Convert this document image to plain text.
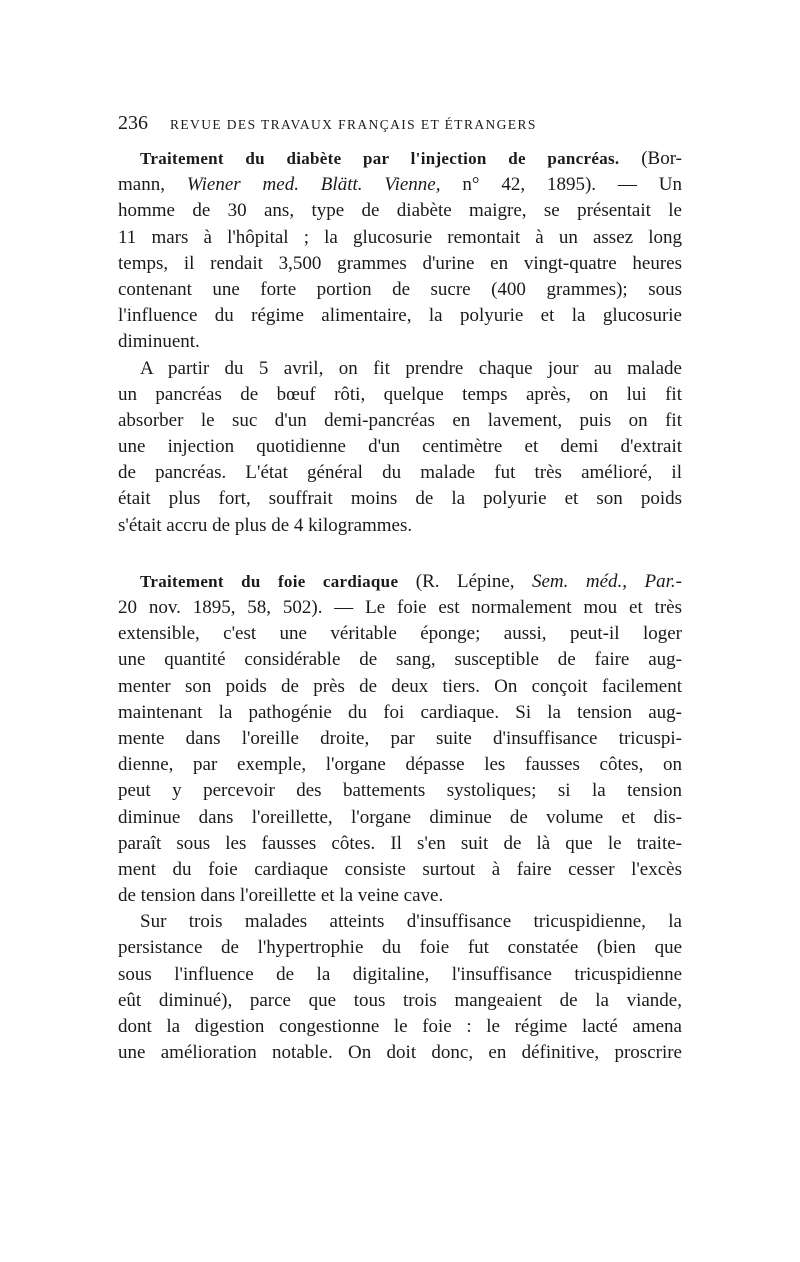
236 REVUE DES TRAVAUX FRANÇAIS ET ÉTRANGERS
Traitement du diabète par l'injection de pancréas. (Bor-
mann, Wiener med. Blätt. Vienne, n° 42, 1895). — Un
homme de 30 ans, type de diabète maigre, se présentait le
11 mars à l'hôpital ; la glucosurie remontait à un assez long
temps, il rendait 3,500 grammes d'urine en vingt-quatre heures
contenant une forte portion de sucre (400 grammes); sous
l'influence du régime alimentaire, la polyurie et la glucosurie
diminuent.
A partir du 5 avril, on fit prendre chaque jour au malade
un pancréas de bœuf rôti, quelque temps après, on lui fit
absorber le suc d'un demi-pancréas en lavement, puis on fit
une injection quotidienne d'un centimètre et demi d'extrait
de pancréas. L'état général du malade fut très amélioré, il
était plus fort, souffrait moins de la polyurie et son poids
s'était accru de plus de 4 kilogrammes.
Traitement du foie cardiaque (R. Lépine, Sem. méd., Par.-
20 nov. 1895, 58, 502). — Le foie est normalement mou et très
extensible, c'est une véritable éponge; aussi, peut-il loger
une quantité considérable de sang, susceptible de faire aug-
menter son poids de près de deux tiers. On conçoit facilement
maintenant la pathogénie du foi cardiaque. Si la tension aug-
mente dans l'oreille droite, par suite d'insuffisance tricuspi-
dienne, par exemple, l'organe dépasse les fausses côtes, on
peut y percevoir des battements systoliques; si la tension
diminue dans l'oreillette, l'organe diminue de volume et dis-
paraît sous les fausses côtes. Il s'en suit de là que le traite-
ment du foie cardiaque consiste surtout à faire cesser l'excès
de tension dans l'oreillette et la veine cave.
Sur trois malades atteints d'insuffisance tricuspidienne, la
persistance de l'hypertrophie du foie fut constatée (bien que
sous l'influence de la digitaline, l'insuffisance tricuspidienne
eût diminué), parce que tous trois mangeaient de la viande,
dont la digestion congestionne le foie : le régime lacté amena
une amélioration notable. On doit donc, en définitive, proscrire
